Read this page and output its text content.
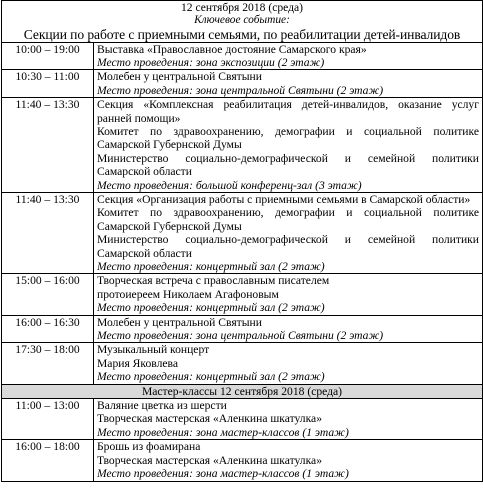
12 сентября 2018 (среда)
Ключевое событие:
Секции по работе с приемными семьями, по реабилитации детей-инвалидов	

10:00 – 19:00	Выставка «Православное достояние Самарского края»
Место проведения: зона экспозиции (2 этаж)

10:30 – 11:00	Молебен у центральной Святыни
Место проведения: зона центральной Святыни (2 этаж)

11:40 – 13:30	Секция «Комплексная реабилитация детей-инвалидов, оказание услуг ранней помощи»
Комитет по здравоохранению, демографии и социальной политике Самарской Губернской Думы
Министерство социально-демографической и семейной политики Самарской области
Место проведения: большой конференц-зал (3 этаж)

11:40 – 13:30	Секция «Организация работы с приемными семьями в Самарской области»
Комитет по здравоохранению, демографии и социальной политике Самарской Губернской Думы
Министерство социально-демографической и семейной политики Самарской области
Место проведения: концертный зал (2 этаж)

15:00 – 16:00	Творческая встреча с православным писателем протоиереем Николаем Агафоновым
Место проведения: концертный зал (2 этаж)

16:00 – 16:30	Молебен у центральной Святыни
Место проведения: зона центральной Святыни (2 этаж)

17:30 – 18:00	Музыкальный концерт
Мария Яковлева
Место проведения: концертный зал (2 этаж)

Мастер-классы 12 сентября 2018 (среда)	
11:00 – 13:00	Валяние цветка из шерсти
Творческая мастерская «Аленкина шкатулка»
Место проведения: зона мастер-классов (1 этаж)

16:00 – 18:00	Брошь из фоамирана
Творческая мастерская «Аленкина шкатулка»
Место проведения: зона мастер-классов (1 этаж)
